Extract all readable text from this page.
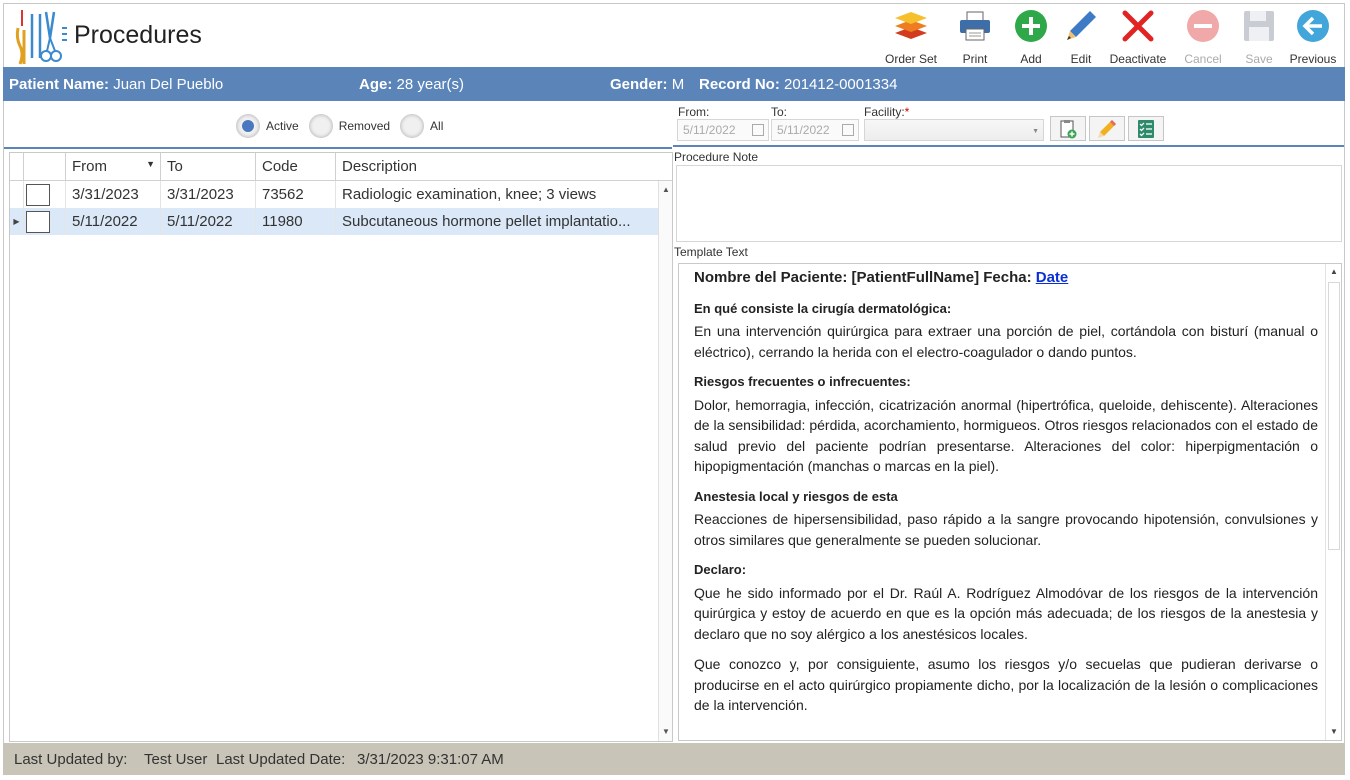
Procedures
Order Set Print	Add Edit Deactivate Cancel Save Previous
Patient Name: Juan Del Pueblo	Age: 28 year(s)	Gender: M Record No: 201412-0001334
Active	Removed	All
From	▼ To	Code	Description
3/31/2023	3/31/2023	73562	Radiologic examination, knee; 3 views
▶	5/11/2022	5/11/2022	11980	Subcutaneous hormone pellet implantatio...
▲
▼
From:
5/11/2022
To:
5/11/2022
Facility:*
▼
Procedure Note
Template Text
Nombre del Paciente: [PatientFullName] Fecha: Date
En qué consiste la cirugía dermatológica:

En una intervención quirúrgica para extraer una porción de piel, cortándola con bisturí (manual o eléctrico), cerrando la herida con el electro-coagulador o dando puntos.

Riesgos frecuentes o infrecuentes:

Dolor, hemorragia, infección, cicatrización anormal (hipertrófica, queloide, dehiscente). Alteraciones de la sensibilidad: pérdida, acorchamiento, hormigueos. Otros riesgos relacionados con el estado de salud previo del paciente podrían presentarse. Alteraciones del color: hiperpigmentación o hipopigmentación (manchas o marcas en la piel).

Anestesia local y riesgos de esta

Reacciones de hipersensibilidad, paso rápido a la sangre provocando hipotensión, convulsiones y otros similares que generalmente se pueden solucionar.

Declaro:

Que he sido informado por el Dr. Raúl A. Rodríguez Almodóvar de los riesgos de la intervención quirúrgica y estoy de acuerdo en que es la opción más adecuada; de los riesgos de la anestesia y declaro que no soy alérgico a los anestésicos locales.

Que conozco y, por consiguiente, asumo los riesgos y/o secuelas que pudieran derivarse o producirse en el acto quirúrgico propiamente dicho, por la localización de la lesión o complicaciones de la intervención.

▲
▼
Last Updated by: Test User Last Updated Date: 3/31/2023 9:31:07 AM
